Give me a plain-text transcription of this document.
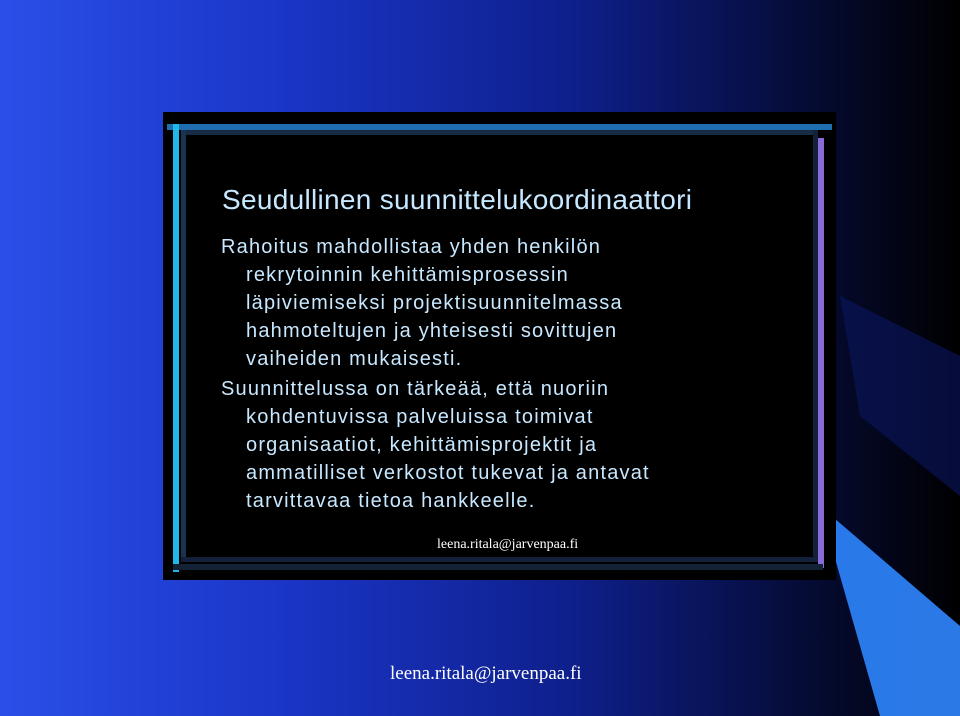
Seudullinen suunnittelukoordinaattori
Rahoitus mahdollistaa yhden henkilön
rekrytoinnin kehittämisprosessin
läpiviemiseksi projektisuunnitelmassa
hahmoteltujen ja yhteisesti sovittujen
vaiheiden mukaisesti.
Suunnittelussa on tärkeää, että nuoriin
kohdentuvissa palveluissa toimivat
organisaatiot, kehittämisprojektit ja
ammatilliset verkostot tukevat ja antavat
tarvittavaa tietoa hankkeelle.
leena.ritala@jarvenpaa.fi
leena.ritala@jarvenpaa.fi
